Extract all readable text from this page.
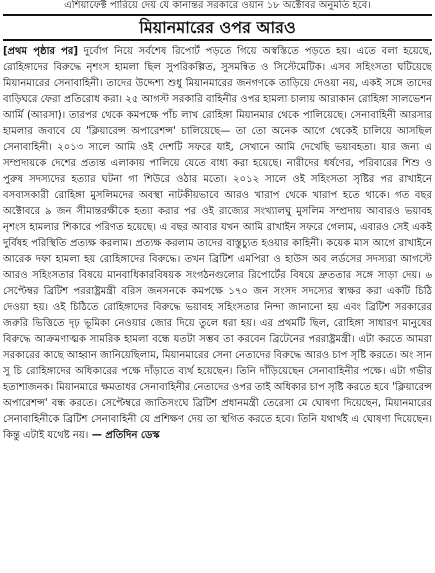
এশিয়াফেক্ট পারিয়ে দেয় যে কানান্তর সরকারে ওয়ান ১৮ অক্টোবর অনুমতি হবে।
মিয়ানমারের ওপর আরও

[প্রথম পৃষ্ঠার পর] দুর্বোগ নিয়ে সর্বশেষ রিপোর্ট পড়তে গিয়ে অস্বস্তিতে পড়তে হয়। এতে বলা হয়েছে, রোহিঙ্গাদের বিরুদ্ধে নৃশংস হামলা ছিল সুপরিকল্পিত, সুসমন্বিত ও সিস্টেমেটিক। এসব সহিংসতা ঘটিয়েছে মিয়ানমারের সেনাবাহিনী। তাদের উদ্দেশ্য শুধু মিয়ানমারের জনগণকে তাড়িয়ে দেওয়া নয়, একই সঙ্গে তাদের বাড়িঘরে ফেরা প্রতিরোধ করা। ২৫ আগস্ট সরকারি বাহিনীর ওপর হামলা চালায় আরাকান রোহিঙ্গা সালভেশন আর্মি (আরসা)। তারপর থেকে কমপক্ষে পাঁচ লাখ রোহিঙ্গা মিয়ানমার থেকে পালিয়েছে। সেনাবাহিনী আরসার হামলার জবাবে যে 'ক্লিয়ারেন্স অপারেশন্স' চালিয়েছে— তা তো অনেক আগে থেকেই চালিয়ে আসছিল সেনাবাহিনী। ২০১৩ সালে আমি ওই দেশটি সফরে যাই, সেখানে আমি দেখেছি ভয়াবহতা। যার জন্য এ সম্প্রদায়কে দেশের প্রত্যন্ত এলাকায় পালিয়ে যেতে বাধ্য করা হয়েছে। নারীদের ধর্ষণের, পরিবারের শিশু ও পুরুষ সদস্যদের হত্যার ঘটনা গা শিউরে ওঠার মতো। ২০১২ সালে ওই সহিংসতা সৃষ্টির পর রাখাইনে বসবাসকারী রোহিঙ্গা মুসলিমদের অবস্থা নাটকীয়ভাবে আরও খারাপ থেকে খারাপ হতে থাকে। গত বছর অক্টোবরে ৯ জন সীমান্তরক্ষীকে হত্যা করার পর ওই রাজ্যের সংখ্যালঘু মুসলিম সম্প্রদায় আবারও ভয়াবহ নৃশংস হামলার শিকারে পরিণত হয়েছে। এ বছর আবার যখন আমি রাখাইন সফরে গেলাম, এবারও সেই একই দুর্বিষহ পরিস্থিতি প্রত্যক্ষ করলাম। প্রত্যক্ষ করলাম তাদের বাস্তুচ্যুত হওয়ার কাহিনী। কয়েক মাস আগে রাখাইনে আরেক দফা হামলা হয় রোহিঙ্গাদের বিরুদ্ধে। তখন ব্রিটিশ এমপিরা ও হাউস অব লর্ডসের সদস্যরা আগস্টে আরও সহিংসতার বিষয়ে মানবাধিকারবিষয়ক সংগঠনগুলোর রিপোর্টের বিষয়ে দ্রুততার সঙ্গে সাড়া দেয়। ৬ সেপ্টেম্বর ব্রিটিশ পররাষ্ট্রমন্ত্রী বরিস জনসনকে কমপক্ষে ১৭০ জন সংসদ সদস্যের স্বাক্ষর করা একটি চিঠি দেওয়া হয়। ওই চিঠিতে রোহিঙ্গাদের বিরুদ্ধে ভয়াবহ সহিংসতার নিন্দা জানানো হয় এবং ব্রিটিশ সরকারের জরুরি ভিত্তিতে দৃঢ় ভূমিকা নেওয়ার জোর দিয়ে তুলে ধরা হয়। এর প্রথমটি ছিল, রোহিঙ্গা সাধারণ মানুষের বিরুদ্ধে আক্রমণাত্মক সামরিক হামলা বন্ধে যতটা সম্ভব তা করবেন ব্রিটেনের পররাষ্ট্রমন্ত্রী। এটা করতে আমরা সরকারের কাছে আহ্বান জানিয়েছিলাম, মিয়ানমারের সেনা নেতাদের বিরুদ্ধে আরও চাপ সৃষ্টি করতে। অং সান সু চি রোহিঙ্গাদের অধিকারের পক্ষে দাঁড়াতে ব্যর্থ হয়েছেন। তিনি দাঁড়িয়েছেন সেনাবাহিনীর পক্ষে। এটা গভীর হতাশাজনক। মিয়ানমারে ক্ষমতাধর সেনাবাহিনীর নেতাদের ওপর তাই অধিকার চাপ সৃষ্টি করতে হবে 'ক্লিয়ারেন্স অপারেশন্স' বন্ধ করতে। সেপ্টেম্বরে জাতিসংঘে ব্রিটিশ প্রধানমন্ত্রী তেরেসা মে ঘোষণা দিয়েছেন, মিয়ানমারের সেনাবাহিনীকে ব্রিটিশ সেনাবাহিনী যে প্রশিক্ষণ দেয় তা স্থগিত করতে হবে। তিনি যথার্থই এ ঘোষণা দিয়েছেন। কিন্তু এটাই যথেষ্ট নয়। — প্রতিদিন ডেস্ক
